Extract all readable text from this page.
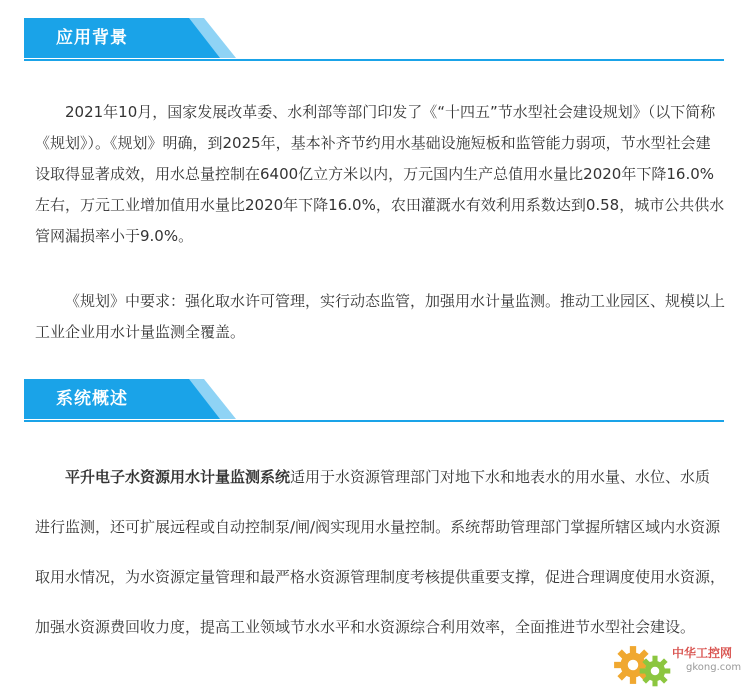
应用背景

2021年10月，国家发展改革委、水利部等部门印发了《“十四五”节水型社会建设规划》（以下简称《规划》）。《规划》明确，到2025年，基本补齐节约用水基础设施短板和监管能力弱项，节水型社会建设取得显著成效，用水总量控制在6400亿立方米以内，万元国内生产总值用水量比2020年下降16.0%左右，万元工业增加值用水量比2020年下降16.0%，农田灌溉水有效利用系数达到0.58，城市公共供水管网漏损率小于9.0%。

《规划》中要求：强化取水许可管理，实行动态监管，加强用水计量监测。推动工业园区、规模以上工业企业用水计量监测全覆盖。

系统概述

平升电子水资源用水计量监测系统适用于水资源管理部门对地下水和地表水的用水量、水位、水质进行监测，还可扩展远程或自动控制泵/闸/阀实现用水量控制。系统帮助管理部门掌握所辖区域内水资源取用水情况，为水资源定量管理和最严格水资源管理制度考核提供重要支撑，促进合理调度使用水资源，加强水资源费回收力度，提高工业领域节水水平和水资源综合利用效率，全面推进节水型社会建设。

中华工控网
gkong.com
